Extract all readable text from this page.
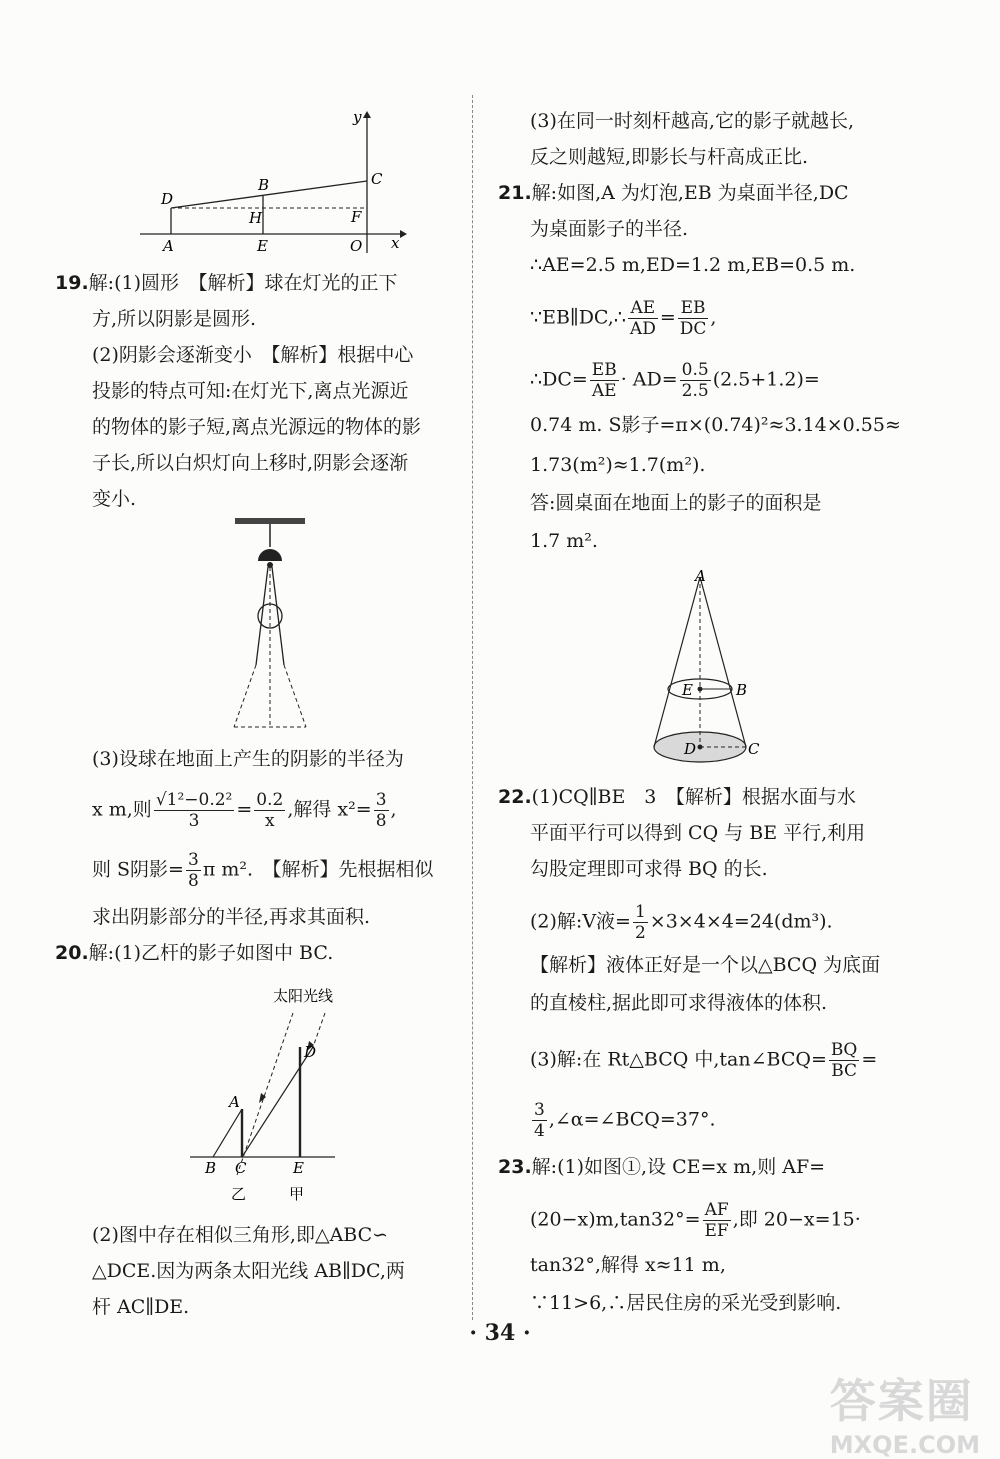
y
x
D
B	C
H	F
A	E	O
19.解:(1)圆形　【解析】球在灯光的正下
方,所以阴影是圆形.
(2)阴影会逐渐变小　【解析】根据中心
投影的特点可知:在灯光下,离点光源近
的物体的影子短,离点光源远的物体的影
子长,所以白炽灯向上移时,阴影会逐渐
变小.
(3)设球在地面上产生的阴影的半径为
x m,则 $\frac{\text{√1²−0.2²}}{3} = \frac{0.2}{x}$ ,解得 $x^2= \frac{3}{8}$ ,
则 S阴影= $\frac{3}{8}$ π m².　【解析】先根据相似
求出阴影部分的半径,再求其面积.
20.解:(1)乙杆的影子如图中 BC.
太阳光线
A
D
B C	E
乙	甲
(2)图中存在相似三角形,即△ABC∽
△DCE.因为两条太阳光线 AB∥DC,两
杆 AC∥DE.
(3)在同一时刻杆越高,它的影子就越长,
反之则越短,即影长与杆高成正比.
21.解:如图,A 为灯泡,EB 为桌面半径,DC
为桌面影子的半径.
∴AE=2.5 m,ED=1.2 m,EB=0.5 m.
∵EB∥DC,∴ $\frac{AE}{AD} = \frac{EB}{DC}$ ,
∴DC= $\frac{EB}{AE} \cdot AD= \frac{0.5}{2.5} (2.5+1.2)=$
0.74 m. S影子=π×(0.74)²≈3.14×0.55≈
1.73(m²)≈1.7(m²).
答:圆桌面在地面上的影子的面积是
1.7 m².
A
E	B
D	C
22.(1)CQ∥BE　3　【解析】根据水面与水
平面平行可以得到 CQ 与 BE 平行,利用
勾股定理即可求得 BQ 的长.
(2)解:V液= $\frac{1}{2} \times 3\times 4\times 4=24(dm^3)$.
【解析】液体正好是一个以△BCQ 为底面
的直棱柱,据此即可求得液体的体积.
(3)解:在 Rt△BCQ 中,tan∠BCQ= $\frac{BQ}{BC}$ =
$\frac{3}{4}$ ,∠α=∠BCQ=37°.
23.解:(1)如图①,设 CE=x m,则 AF=
$(20-x)m,\tan 32^\circ= \frac{AF}{EF}$ ,即 20−x=15·
tan32°,解得 x≈11 m,
∵11>6,∴居民住房的采光受到影响.
· 34 ·
答案圈
MXQE.COM
